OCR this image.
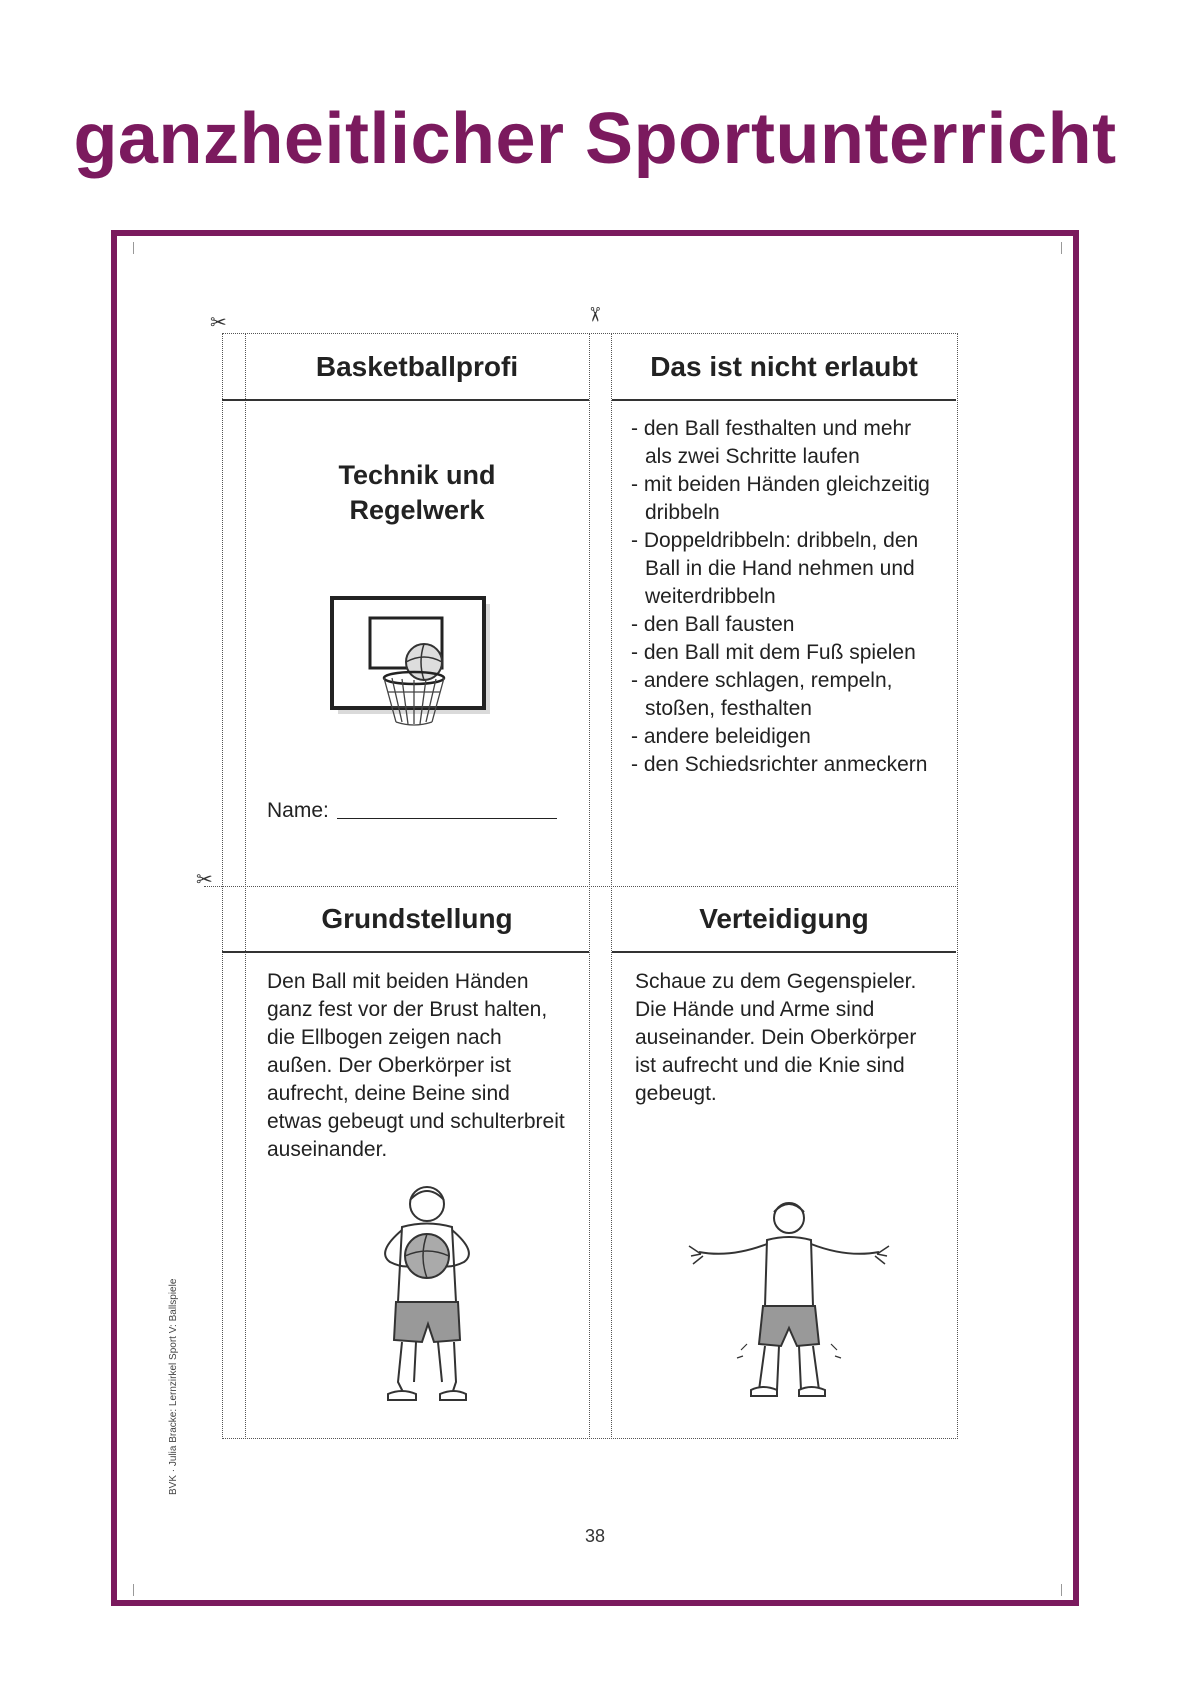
ganzheitlicher Sportunterricht
✂	✂
✂
Basketballprofi
Technik und
Regelwerk
Name:
Das ist nicht erlaubt
- den Ball festhalten und mehr als zwei Schritte laufen
- mit beiden Händen gleichzeitig dribbeln
- Doppeldribbeln: dribbeln, den Ball in die Hand nehmen und weiterdribbeln
- den Ball fausten
- den Ball mit dem Fuß spielen
- andere schlagen, rempeln, stoßen, festhalten
- andere beleidigen
- den Schiedsrichter anmeckern
Grundstellung
Den Ball mit beiden Händen ganz fest vor der Brust halten, die Ellbogen zeigen nach außen. Der Oberkörper ist aufrecht, deine Beine sind etwas gebeugt und schulterbreit auseinander.
Verteidigung
Schaue zu dem Gegenspieler. Die Hände und Arme sind auseinander. Dein Oberkörper ist aufrecht und die Knie sind gebeugt.
BVK · Julia Bracke: Lernzirkel Sport V: Ballspiele
38
